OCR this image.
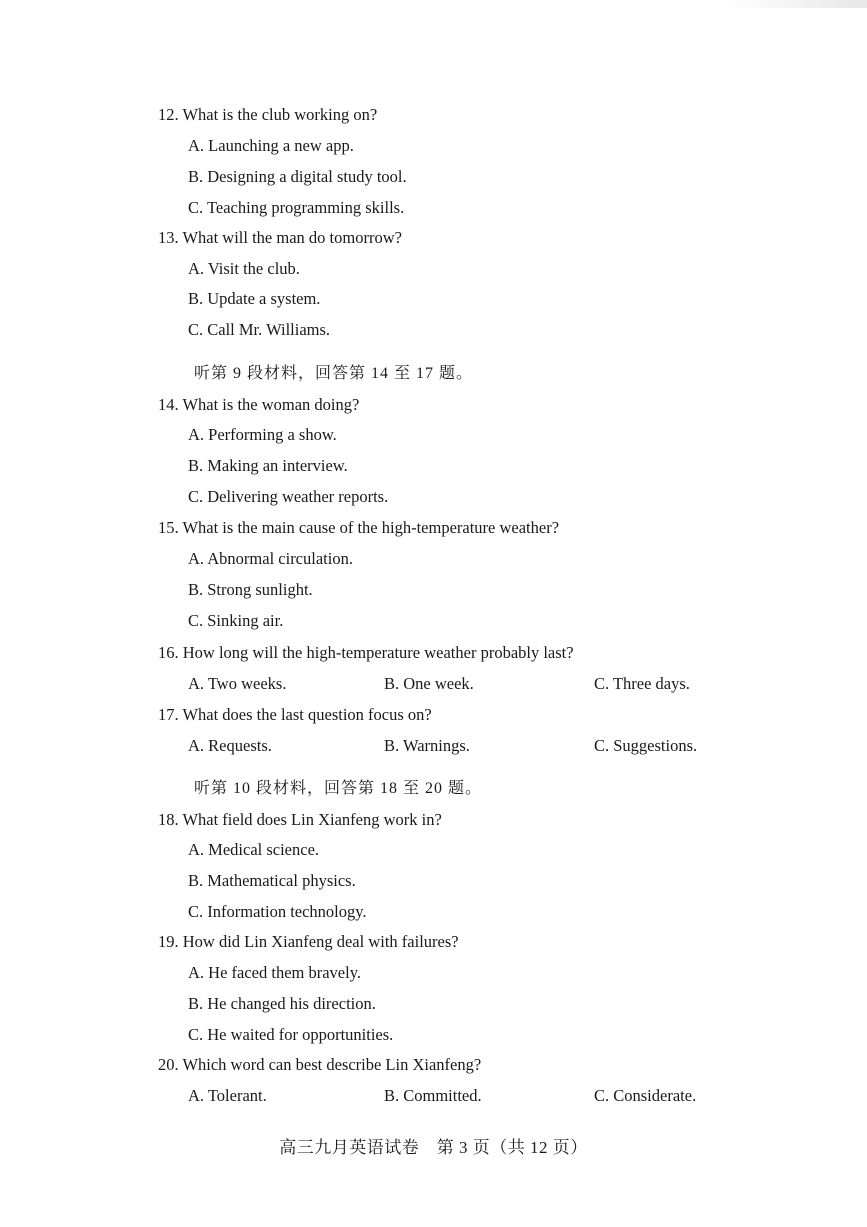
12. What is the club working on?
A. Launching a new app.
B. Designing a digital study tool.
C. Teaching programming skills.
13. What will the man do tomorrow?
A. Visit the club.
B. Update a system.
C. Call Mr. Williams.
听第 9 段材料，回答第 14 至 17 题。
14. What is the woman doing?
A. Performing a show.
B. Making an interview.
C. Delivering weather reports.
15. What is the main cause of the high-temperature weather?
A. Abnormal circulation.
B. Strong sunlight.
C. Sinking air.
16. How long will the high-temperature weather probably last?
A. Two weeks.	B. One week.	C. Three days.
17. What does the last question focus on?
A. Requests.	B. Warnings.	C. Suggestions.
听第 10 段材料，回答第 18 至 20 题。
18. What field does Lin Xianfeng work in?
A. Medical science.
B. Mathematical physics.
C. Information technology.
19. How did Lin Xianfeng deal with failures?
A. He faced them bravely.
B. He changed his direction.
C. He waited for opportunities.
20. Which word can best describe Lin Xianfeng?
A. Tolerant.	B. Committed.	C. Considerate.
高三九月英语试卷　第 3 页（共 12 页）
